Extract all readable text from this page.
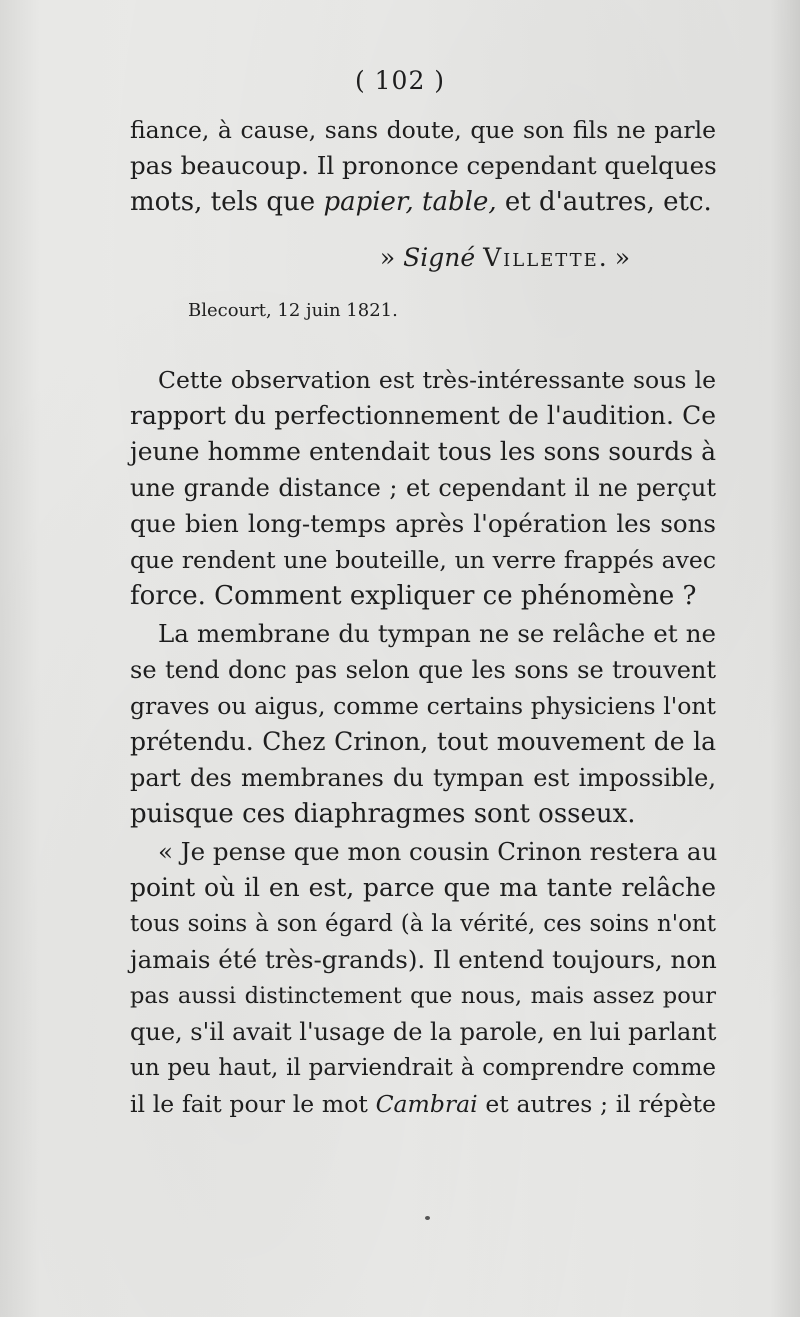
( 102 )
fiance, à cause, sans doute, que son fils ne parle
pas beaucoup. Il prononce cependant quelques
mots, tels que papier, table, et d'autres, etc.
» Signé Villette. »
Blecourt, 12 juin 1821.
Cette observation est très-intéressante sous le
rapport du perfectionnement de l'audition. Ce
jeune homme entendait tous les sons sourds à
une grande distance ; et cependant il ne perçut
que bien long-temps après l'opération les sons
que rendent une bouteille, un verre frappés avec
force. Comment expliquer ce phénomène ?
La membrane du tympan ne se relâche et ne
se tend donc pas selon que les sons se trouvent
graves ou aigus, comme certains physiciens l'ont
prétendu. Chez Crinon, tout mouvement de la
part des membranes du tympan est impossible,
puisque ces diaphragmes sont osseux.
« Je pense que mon cousin Crinon restera au
point où il en est, parce que ma tante relâche
tous soins à son égard (à la vérité, ces soins n'ont
jamais été très-grands). Il entend toujours, non
pas aussi distinctement que nous, mais assez pour
que, s'il avait l'usage de la parole, en lui parlant
un peu haut, il parviendrait à comprendre comme
il le fait pour le mot Cambrai et autres ; il répète
